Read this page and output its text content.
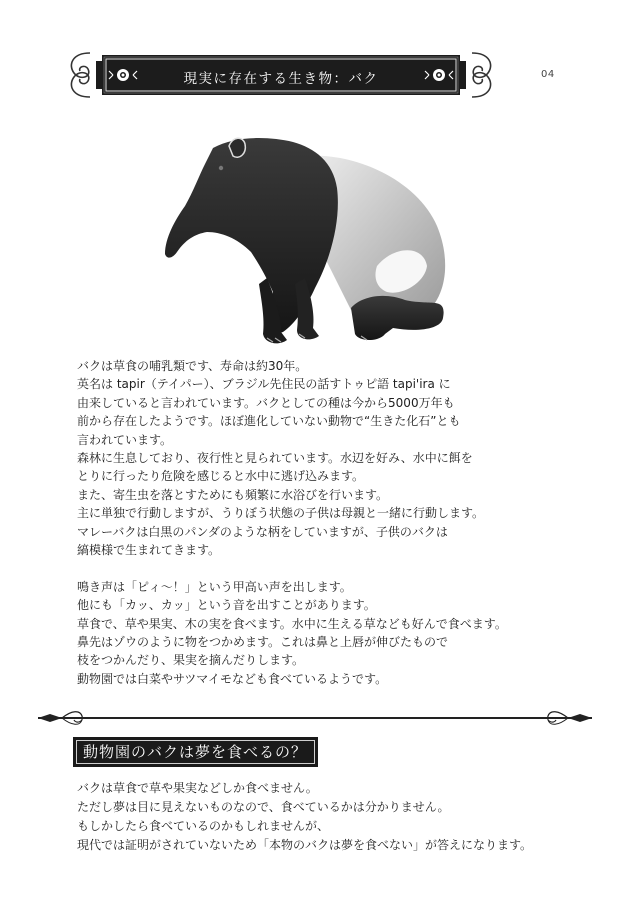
現実に存在する生き物：バク	04

バクは草食の哺乳類です、寿命は約30年。

英名は tapir（テイパー）、ブラジル先住民の話すトゥピ語 tapi'ira に

由来していると言われています。バクとしての種は今から5000万年も

前から存在したようです。ほぼ進化していない動物で“生きた化石”とも

言われています。

森林に生息しており、夜行性と見られています。水辺を好み、水中に餌を

とりに行ったり危険を感じると水中に逃げ込みます。

また、寄生虫を落とすためにも頻繁に水浴びを行います。

主に単独で行動しますが、うりぼう状態の子供は母親と一緒に行動します。

マレーバクは白黒のパンダのような柄をしていますが、子供のバクは

縞模様で生まれてきます。

鳴き声は「ピィ～！」という甲高い声を出します。

他にも「カッ、カッ」という音を出すことがあります。

草食で、草や果実、木の実を食べます。水中に生える草なども好んで食べます。

鼻先はゾウのように物をつかめます。これは鼻と上唇が伸びたもので

枝をつかんだり、果実を摘んだりします。

動物園では白菜やサツマイモなども食べているようです。

動物園のバクは夢を食べるの？

バクは草食で草や果実などしか食べません。

ただし夢は目に見えないものなので、食べているかは分かりません。

もしかしたら食べているのかもしれませんが、

現代では証明がされていないため「本物のバクは夢を食べない」が答えになります。
